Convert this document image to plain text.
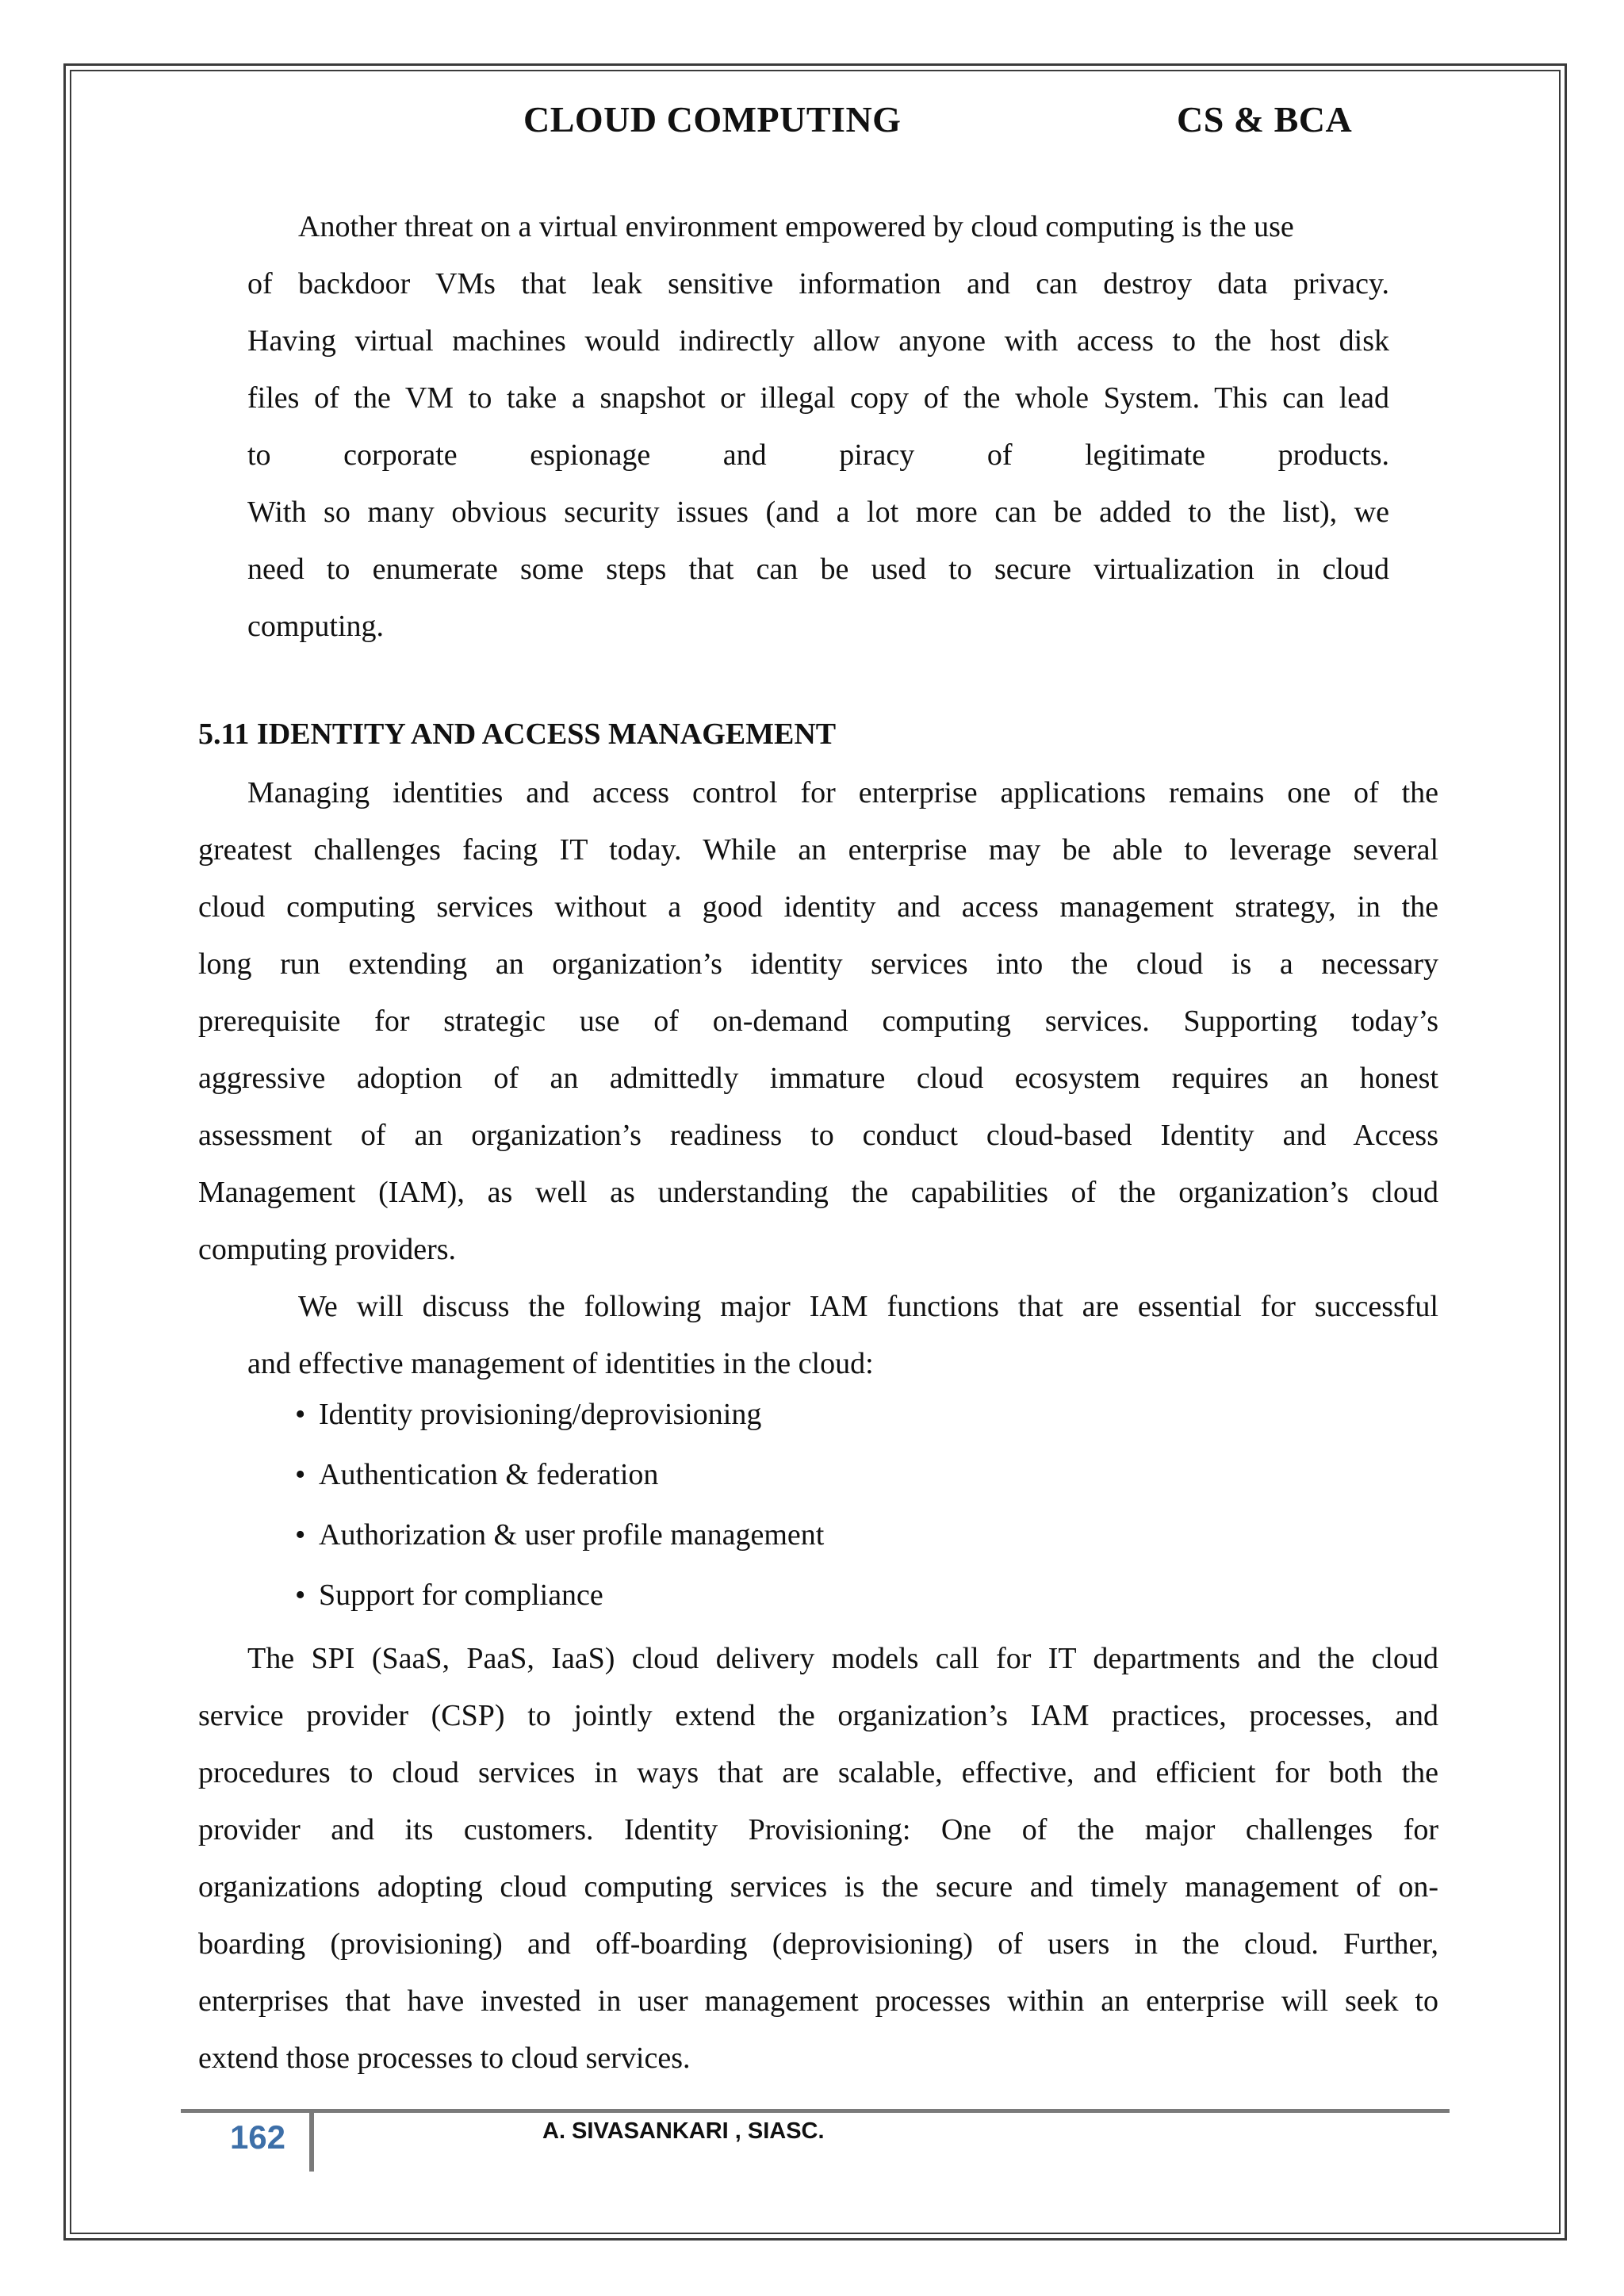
CLOUD COMPUTING	CS & BCA
Another threat on a virtual environment empowered by cloud computing is the use
of backdoor VMs that leak sensitive information and can destroy data privacy.
Having virtual machines would indirectly allow anyone with access to the host disk
files of the VM to take a snapshot or illegal copy of the whole System. This can lead
to corporate espionage and piracy of legitimate products.
With so many obvious security issues (and a lot more can be added to the list), we
need to enumerate some steps that can be used to secure virtualization in cloud
computing.
5.11 IDENTITY AND ACCESS MANAGEMENT
Managing identities and access control for enterprise applications remains one of the
greatest challenges facing IT today. While an enterprise may be able to leverage several
cloud computing services without a good identity and access management strategy, in the
long run extending an organization’s identity services into the cloud is a necessary
prerequisite for strategic use of on-demand computing services. Supporting today’s
aggressive adoption of an admittedly immature cloud ecosystem requires an honest
assessment of an organization’s readiness to conduct cloud-based Identity and Access
Management (IAM), as well as understanding the capabilities of the organization’s cloud
computing providers.
We will discuss the following major IAM functions that are essential for successful
and effective management of identities in the cloud:
• Identity provisioning/deprovisioning
• Authentication & federation
• Authorization & user profile management
• Support for compliance
The SPI (SaaS, PaaS, IaaS) cloud delivery models call for IT departments and the cloud
service provider (CSP) to jointly extend the organization’s IAM practices, processes, and
procedures to cloud services in ways that are scalable, effective, and efficient for both the
provider and its customers. Identity Provisioning: One of the major challenges for
organizations adopting cloud computing services is the secure and timely management of on-
boarding (provisioning) and off-boarding (deprovisioning) of users in the cloud. Further,
enterprises that have invested in user management processes within an enterprise will seek to
extend those processes to cloud services.
162	A. SIVASANKARI , SIASC.
